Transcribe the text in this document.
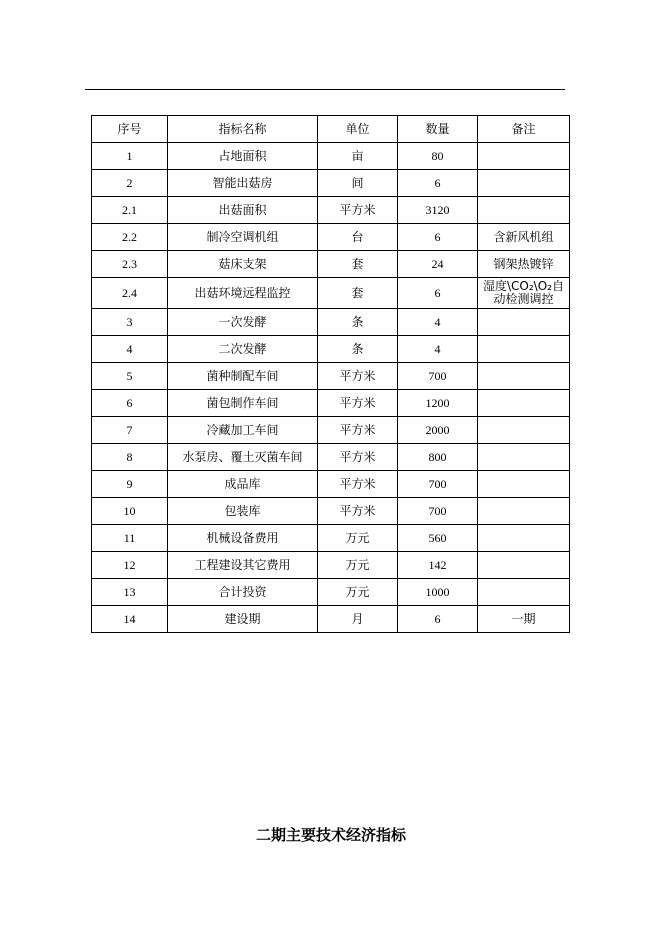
序号	指标名称	单位	数量	备注
1	占地面积	亩	80	
2	智能出菇房	间	6	
2.1	出菇面积	平方米	3120	
2.2	制冷空调机组	台	6	含新风机组
2.3	菇床支架	套	24	钢架热镀锌
2.4	出菇环境远程监控	套	6	湿度\CO₂\O₂自动检测调控
3	一次发酵	条	4	
4	二次发酵	条	4	
5	菌种制配车间	平方米	700	
6	菌包制作车间	平方米	1200	
7	冷藏加工车间	平方米	2000	
8	水泵房、覆土灭菌车间	平方米	800	
9	成品库	平方米	700	
10	包装库	平方米	700	
11	机械设备费用	万元	560	
12	工程建设其它费用	万元	142	
13	合计投资	万元	1000	
14	建设期	月	6	一期
二期主要技术经济指标
